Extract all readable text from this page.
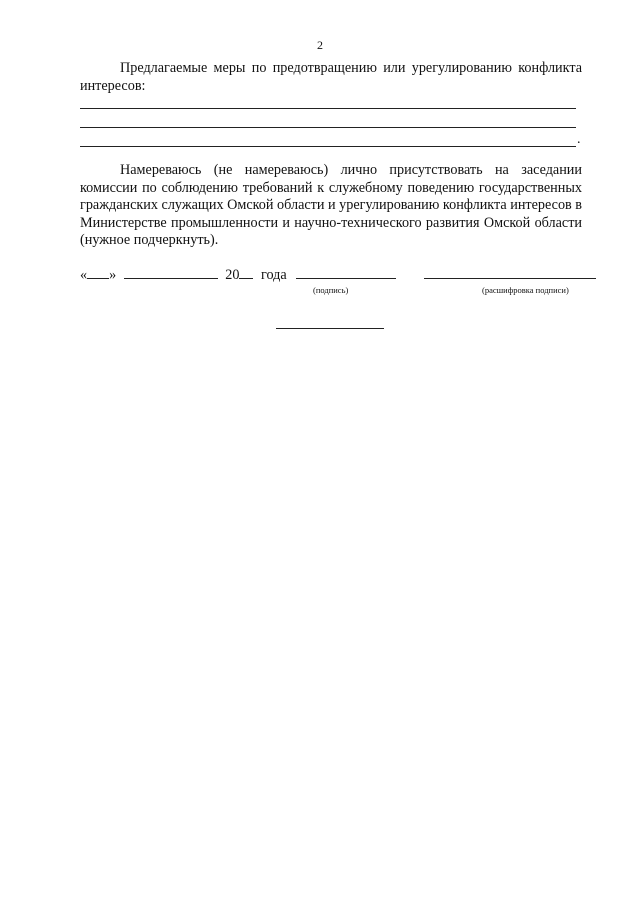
2
Предлагаемые меры по предотвращению или урегулированию конфликта интересов:
.
Намереваюсь (не намереваюсь) лично присутствовать на заседании комиссии по соблюдению требований к служебному поведению государственных гражданских служащих Омской области и урегулированию конфликта интересов в Министерстве промышленности и научно-технического развития Омской области (нужное подчеркнуть).
« »	20 года
(подпись)	(расшифровка подписи)
